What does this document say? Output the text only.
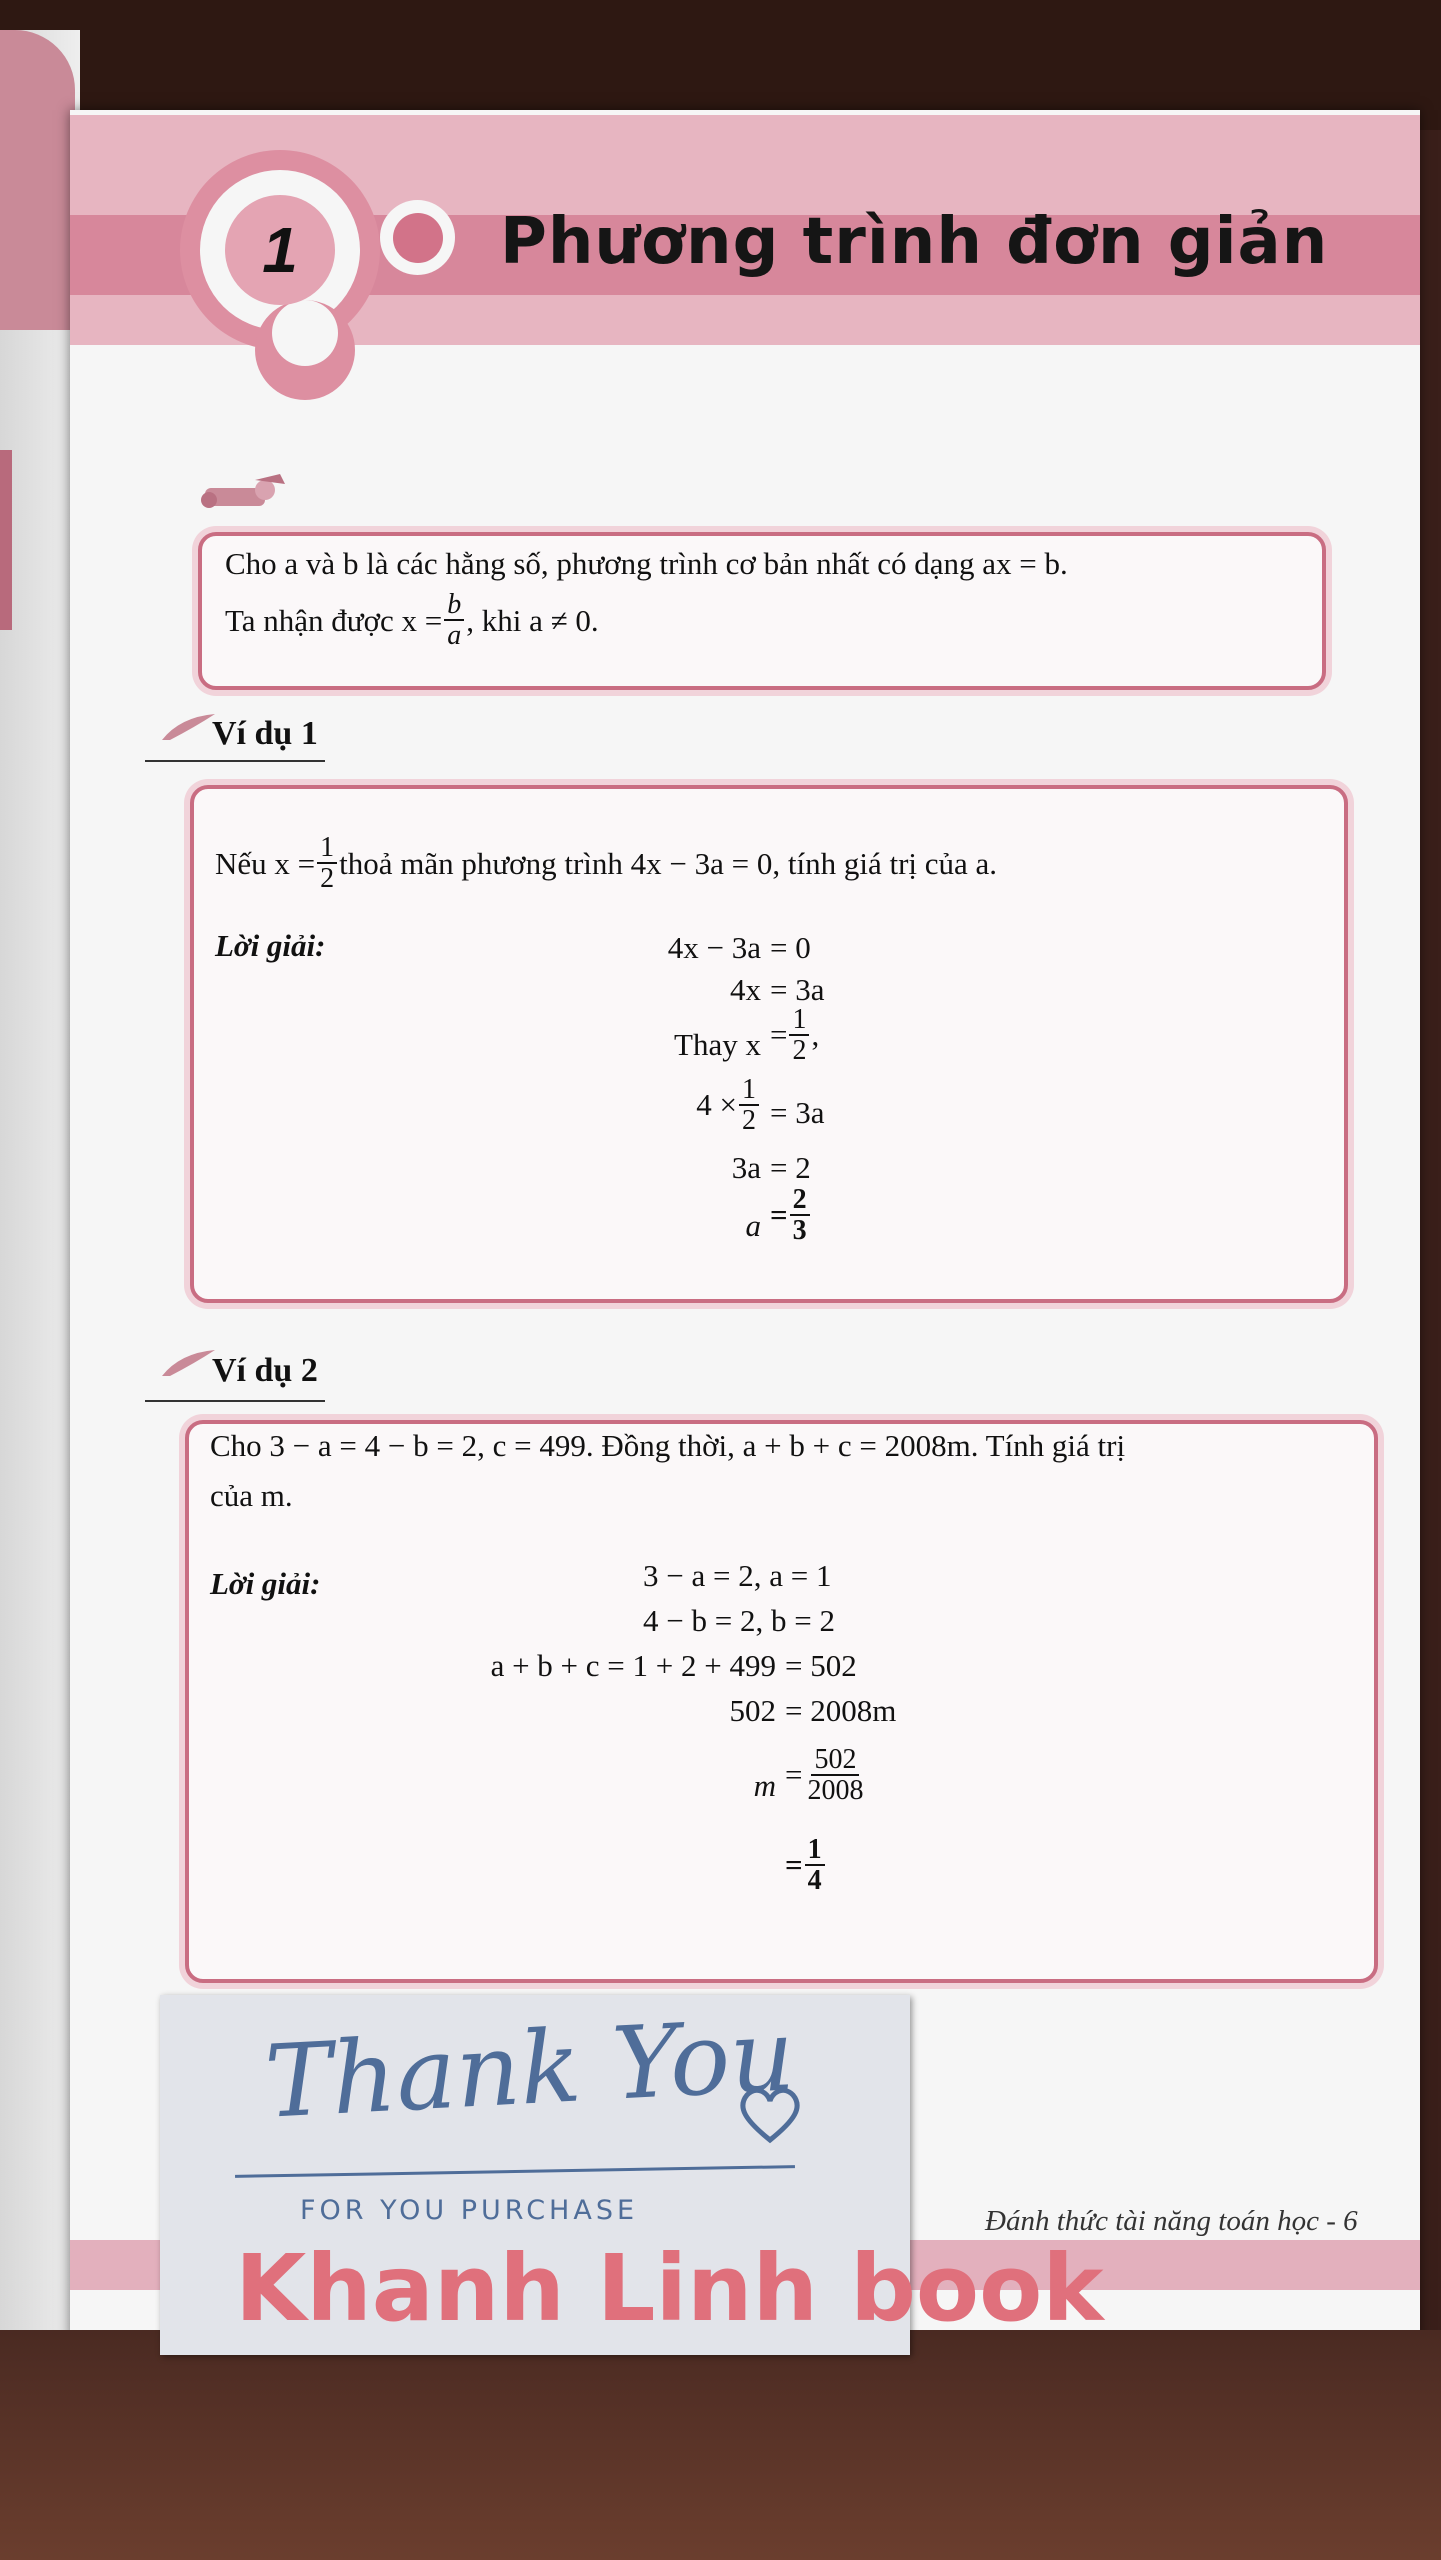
1	Phương trình đơn giản
Cho a và b là các hằng số, phương trình cơ bản nhất có dạng ax = b.
Ta nhận được $x = \frac{b}{a}$ , khi a ≠ 0.
Ví dụ 1
Nếu $x = \frac{1}{2}$ thoả mãn phương trình 4x − 3a = 0, tính giá trị của a.
Lời giải:	4x − 3a = 0
4x = 3a
Thay $x = \frac{1}{2}$ ,
$4 \times \frac{1}{2} = 3a$
3a = 2
$a = \frac{2}{3}$
Ví dụ 2
Cho 3 − a = 4 − b = 2, c = 499. Đồng thời, a + b + c = 2008m. Tính giá trị
của m.
Lời giải:	3 − a = 2, a = 1
4 − b = 2, b = 2
a + b + c = 1 + 2 + 499 = 502
502 = 2008m
$m = \frac{502}{2008}$
= $\frac{1}{4}$
Đánh thức tài năng toán học - 6
Thank You
FOR YOU PURCHASE
Khanh Linh book
